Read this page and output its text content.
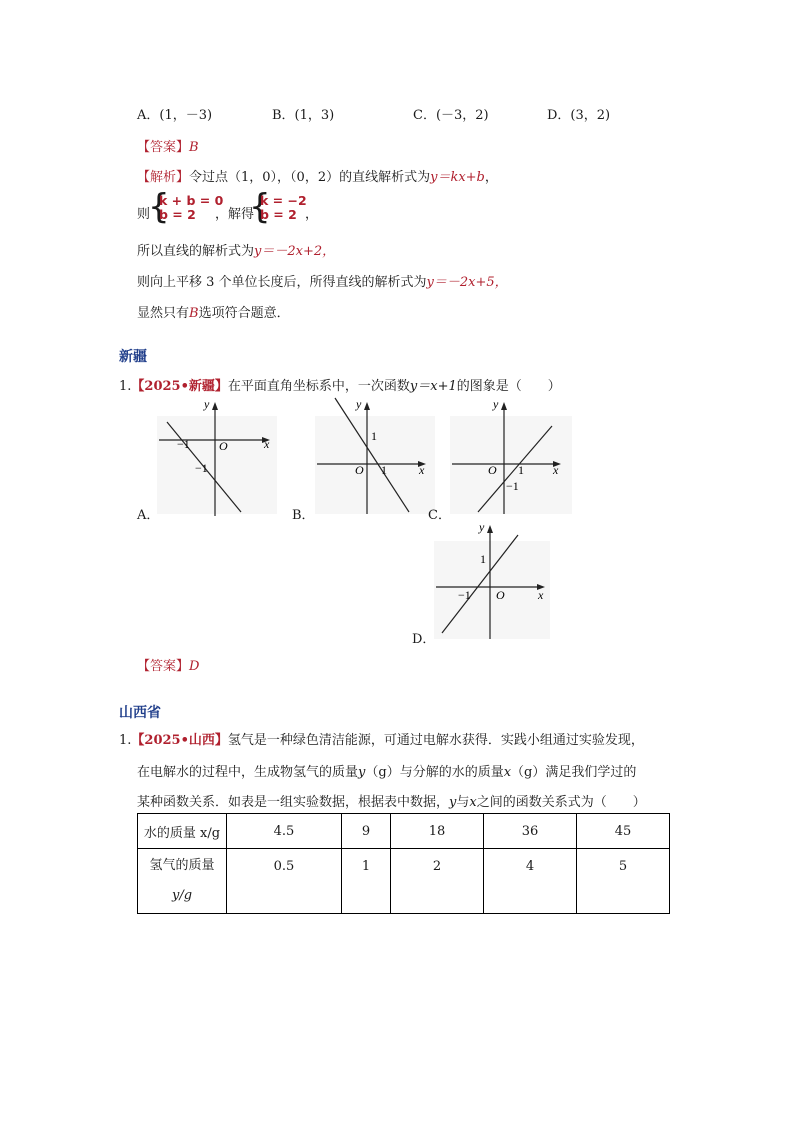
A．(1，－3)	B．(1，3)	C．(－3，2)	D．(3，2)
【答案】B
【解析】令过点（1，0），（0，2）的直线解析式为y＝kx+b，
则
{
k + b = 0
b = 2 ，解得
{
k = −2
b = 2 ，
所以直线的解析式为y＝－2x+2，
则向上平移 3 个单位长度后，所得直线的解析式为y＝－2x+5，
显然只有B选项符合题意．
新疆
1.【2025•新疆】在平面直角坐标系中，一次函数y＝x+1的图象是（　　）
y
x
O
−1
−1
A．
y
x
O 1
1
B．
y
x
O 1
−1
C．
y
x
O
1
−1
D．
【答案】D
山西省
1.【2025•山西】氢气是一种绿色清洁能源，可通过电解水获得．实践小组通过实验发现，
在电解水的过程中，生成物氢气的质量y（g）与分解的水的质量x（g）满足我们学过的
某种函数关系．如表是一组实验数据，根据表中数据，y与x之间的函数关系式为（　　）
水的质量 x/g	4.5	9	18	36	45

氢气的质量
y/g	0.5	1	2	4	5
